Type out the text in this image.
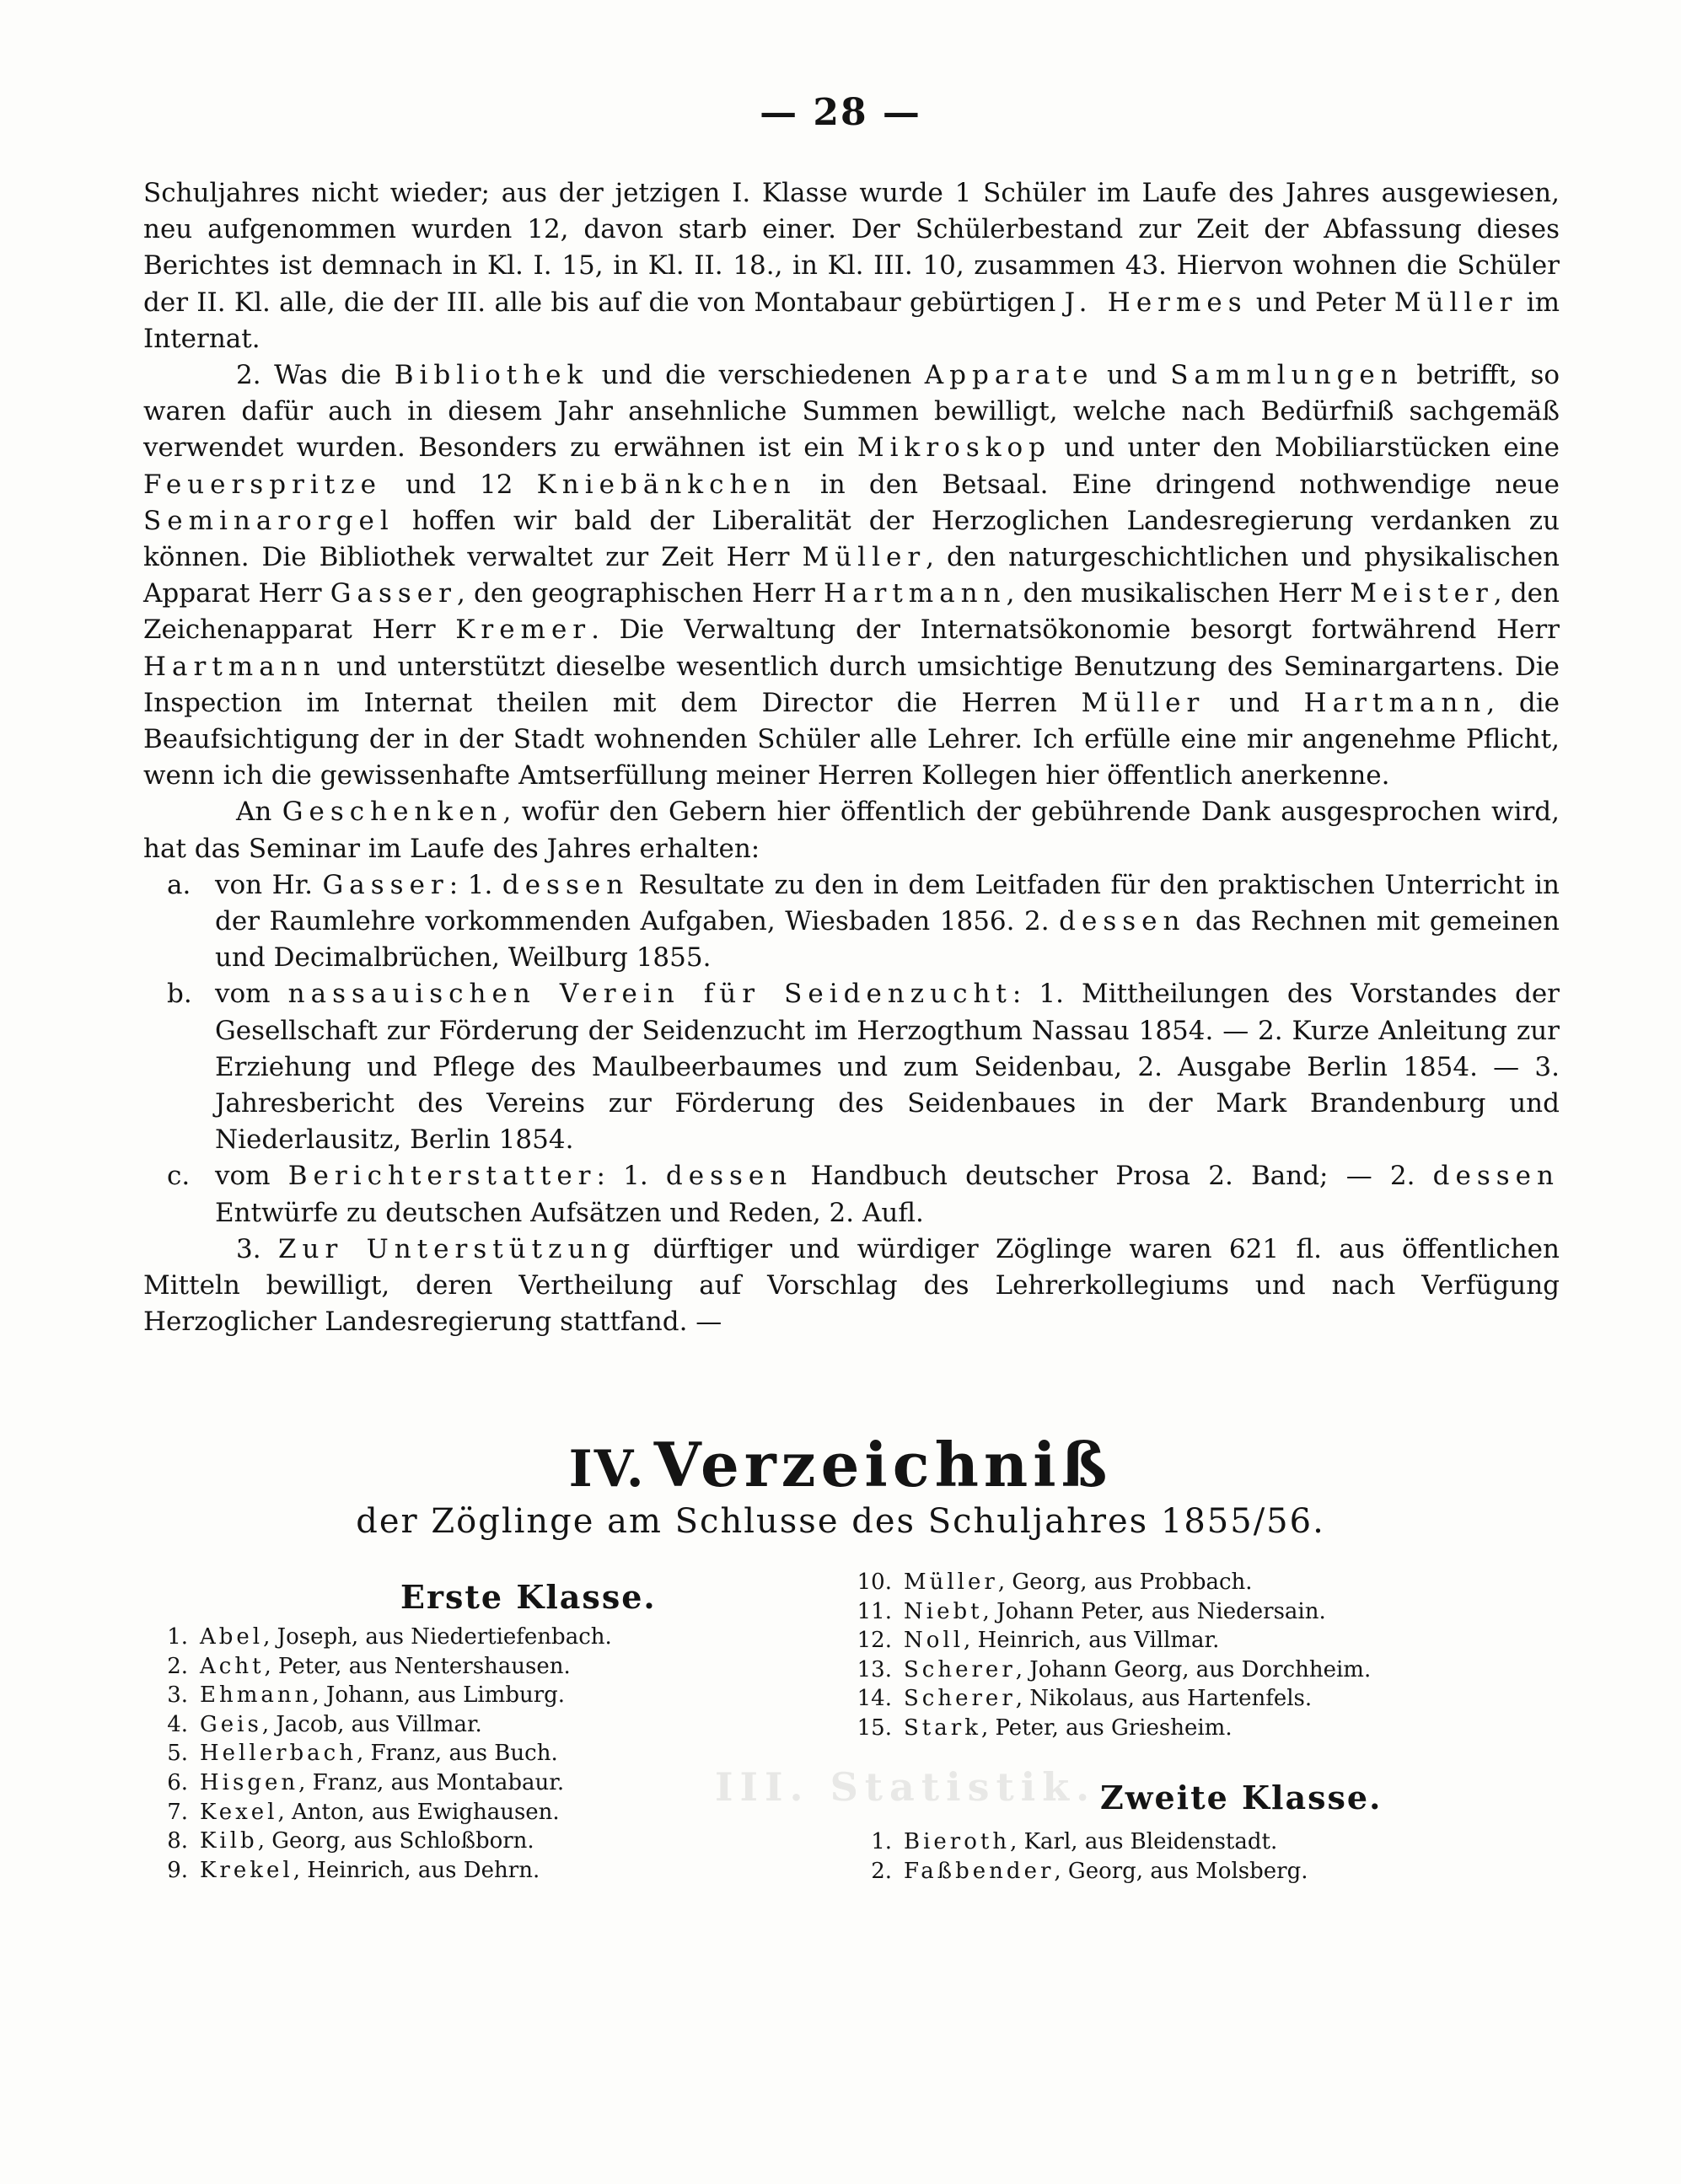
— 28 —

Schuljahres nicht wieder; aus der jetzigen I. Klasse wurde 1 Schüler im Laufe des Jahres ausgewiesen, neu aufgenommen wurden 12, davon starb einer. Der Schülerbestand zur Zeit der Abfassung dieses Berichtes ist demnach in Kl. I. 15, in Kl. II. 18., in Kl. III. 10, zusammen 43. Hiervon wohnen die Schüler der II. Kl. alle, die der III. alle bis auf die von Montabaur gebürtigen J. Hermes und Peter Müller im Internat.

2. Was die Bibliothek und die verschiedenen Apparate und Sammlungen betrifft, so waren dafür auch in diesem Jahr ansehnliche Summen bewilligt, welche nach Bedürfniß sachgemäß verwendet wurden. Besonders zu erwähnen ist ein Mikroskop und unter den Mobiliarstücken eine Feuerspritze und 12 Kniebänkchen in den Betsaal. Eine dringend nothwendige neue Seminarorgel hoffen wir bald der Liberalität der Herzoglichen Landesregierung verdanken zu können. Die Bibliothek verwaltet zur Zeit Herr Müller, den naturgeschichtlichen und physikalischen Apparat Herr Gasser, den geographischen Herr Hartmann, den musikalischen Herr Meister, den Zeichenapparat Herr Kremer. Die Verwaltung der Internatsökonomie besorgt fortwährend Herr Hartmann und unterstützt dieselbe wesentlich durch umsichtige Benutzung des Seminargartens. Die Inspection im Internat theilen mit dem Director die Herren Müller und Hartmann, die Beaufsichtigung der in der Stadt wohnenden Schüler alle Lehrer. Ich erfülle eine mir angenehme Pflicht, wenn ich die gewissenhafte Amtserfüllung meiner Herren Kollegen hier öffentlich anerkenne.

An Geschenken, wofür den Gebern hier öffentlich der gebührende Dank ausgesprochen wird, hat das Seminar im Laufe des Jahres erhalten:

a. von Hr. Gasser: 1. dessen Resultate zu den in dem Leitfaden für den praktischen Unterricht in der Raumlehre vorkommenden Aufgaben, Wiesbaden 1856. 2. dessen das Rechnen mit gemeinen und Decimalbrüchen, Weilburg 1855.
b. vom nassauischen Verein für Seidenzucht: 1. Mittheilungen des Vorstandes der Gesellschaft zur Förderung der Seidenzucht im Herzogthum Nassau 1854. — 2. Kurze Anleitung zur Erziehung und Pflege des Maulbeerbaumes und zum Seidenbau, 2. Ausgabe Berlin 1854. — 3. Jahresbericht des Vereins zur Förderung des Seidenbaues in der Mark Brandenburg und Niederlausitz, Berlin 1854.
c. vom Berichterstatter: 1. dessen Handbuch deutscher Prosa 2. Band; — 2. dessen Entwürfe zu deutschen Aufsätzen und Reden, 2. Aufl.

3. Zur Unterstützung dürftiger und würdiger Zöglinge waren 621 fl. aus öffentlichen Mitteln bewilligt, deren Vertheilung auf Vorschlag des Lehrerkollegiums und nach Verfügung Herzoglicher Landesregierung stattfand. —

IV. Verzeichniß
der Zöglinge am Schlusse des Schuljahres 1855/56.
Erste Klasse.
1. Abel , Joseph, aus Niedertiefenbach.
2. Acht , Peter, aus Nentershausen.
3. Ehmann , Johann, aus Limburg.
4. Geis , Jacob, aus Villmar.
5. Hellerbach , Franz, aus Buch.
6. Hisgen , Franz, aus Montabaur.
7. Kexel , Anton, aus Ewighausen.
8. Kilb , Georg, aus Schloßborn.
9. Krekel , Heinrich, aus Dehrn.
10. Müller , Georg, aus Probbach.
11. Niebt , Johann Peter, aus Niedersain.
12. Noll , Heinrich, aus Villmar.
13. Scherer , Johann Georg, aus Dorchheim.
14. Scherer , Nikolaus, aus Hartenfels.
15. Stark , Peter, aus Griesheim.
III. Statistik. Zweite Klasse.
1. Bieroth , Karl, aus Bleidenstadt.
2. Faßbender , Georg, aus Molsberg.
